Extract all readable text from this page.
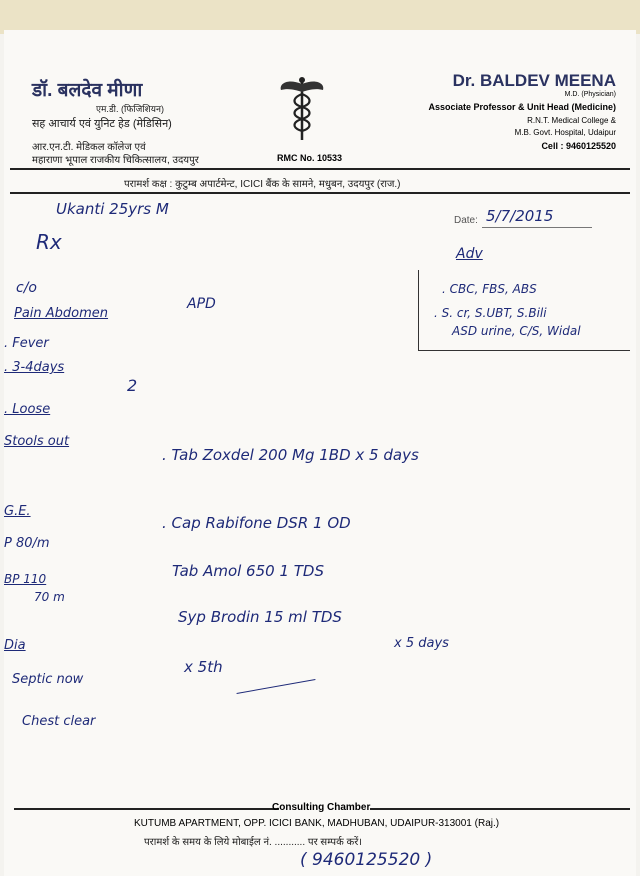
डॉ. बलदेव मीणा
एम.डी. (फिजिशियन)
सह आचार्य एवं युनिट हेड (मेडिसिन)
आर.एन.टी. मेडिकल कॉलेज एवं
महाराणा भूपाल राजकीय चिकित्सालय, उदयपुर	RMC No. 10533
Dr. BALDEV MEENA
M.D. (Physician)
Associate Professor & Unit Head (Medicine)
R.N.T. Medical College &
M.B. Govt. Hospital, Udaipur
Cell : 9460125520
परामर्श कक्ष : कुटुम्ब अपार्टमेन्ट, ICICI बैंक के सामने, मधुबन, उदयपुर (राज.)
Date:
Ukanti 25yrs M	5/7/2015
Rx
c/o
Pain Abdomen
. Fever
. 3-4days
. Loose
Stools out
APD
2
Adv
. CBC, FBS, ABS
. S. cr, S.UBT, S.Bili
ASD urine, C/S, Widal
G.E.
P 80/m
BP 110
70 m
Dia
Septic now
Chest clear
. Tab Zoxdel 200 Mg 1BD x 5 days
. Cap Rabifone DSR 1 OD
Tab Amol 650 1 TDS
Syp Brodin 15 ml TDS
x 5 days
x 5th
Consulting Chamber
KUTUMB APARTMENT, OPP. ICICI BANK, MADHUBAN, UDAIPUR-313001 (Raj.)
परामर्श के समय के लिये मोबाईल नं. ........... पर सम्पर्क करें।
( 9460125520 )
